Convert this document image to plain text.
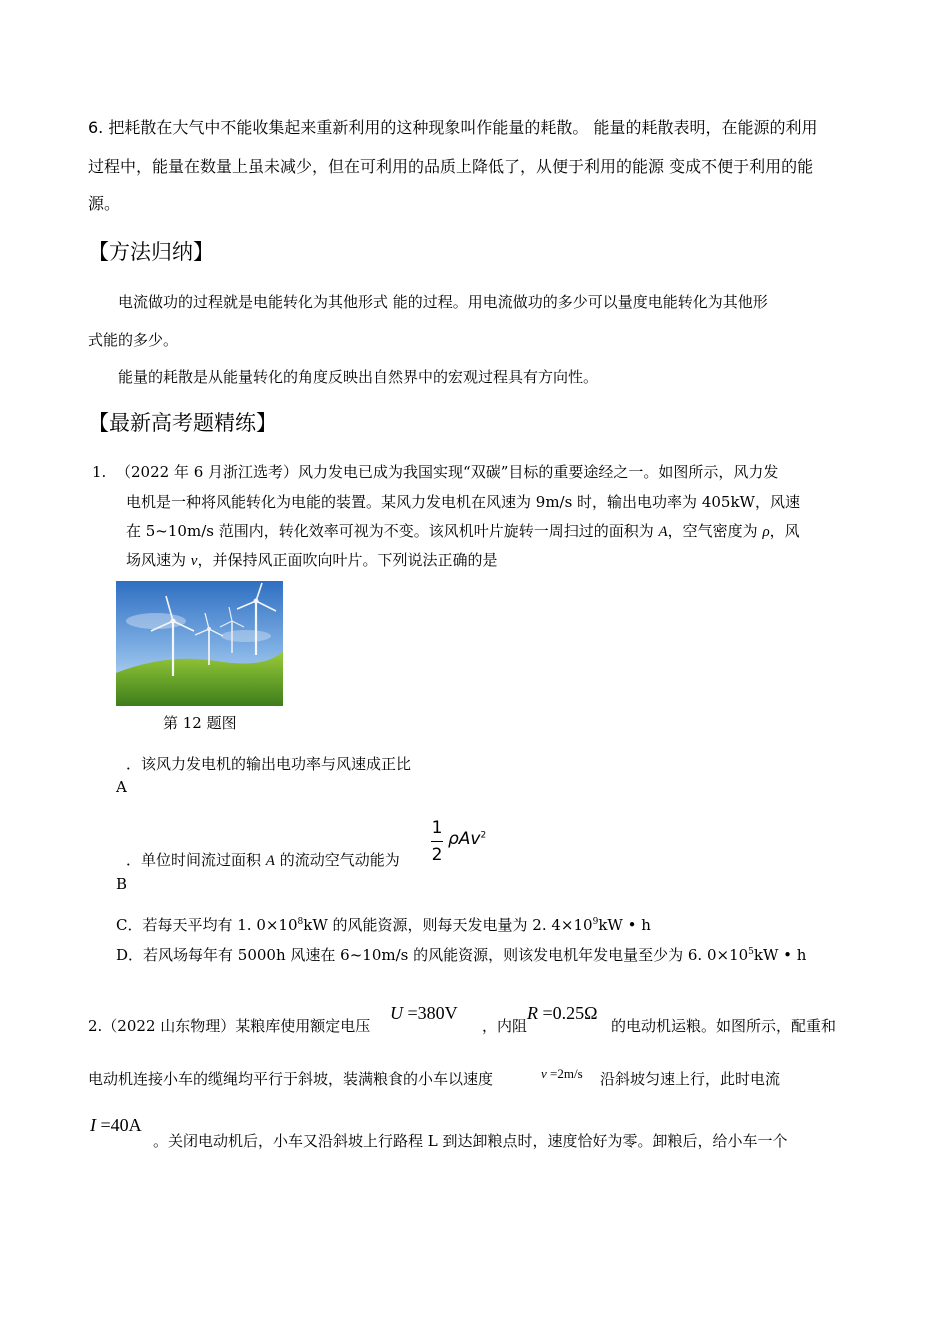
6. 把耗散在大气中不能收集起来重新利用的这种现象叫作能量的耗散。 能量的耗散表明，在能源的利用
过程中，能量在数量上虽未减少，但在可利用的品质上降低了，从便于利用的能源 变成不便于利用的能
源。
【方法归纳】
电流做功的过程就是电能转化为其他形式 能的过程。用电流做功的多少可以量度电能转化为其他形
式能的多少。
能量的耗散是从能量转化的角度反映出自然界中的宏观过程具有方向性。
【最新高考题精练】
1. （2022 年 6 月浙江选考）风力发电已成为我国实现“双碳”目标的重要途经之一。如图所示，风力发
电机是一种将风能转化为电能的装置。某风力发电机在风速为 9m/s 时，输出电功率为 405kW，风速
在 5~10m/s 范围内，转化效率可视为不变。该风机叶片旋转一周扫过的面积为 A，空气密度为 ρ，风
场风速为 v，并保持风正面吹向叶片。下列说法正确的是
第 12 题图
．该风力发电机的输出电功率与风速成正比
A
．单位时间流过面积 A 的流动空气动能为
1
2
ρAv$^2$
B
C．若每天平均有 1. $0\times 10^8kW$ 的风能资源，则每天发电量为 2. $4\times 10^9kW$ • h
D．若风场每年有 5000h 风速在 6~10m/s 的风能资源，则该发电机年发电量至少为 6. $0\times 10^5kW$ • h
2.（2022 山东物理）某粮库使用额定电压
U =380V
，内阻
R =0.25Ω
的电动机运粮。如图所示，配重和
电动机连接小车的缆绳均平行于斜坡，装满粮食的小车以速度	v =2m/s 沿斜坡匀速上行，此时电流
I =40A
。关闭电动机后，小车又沿斜坡上行路程 L 到达卸粮点时，速度恰好为零。卸粮后，给小车一个
